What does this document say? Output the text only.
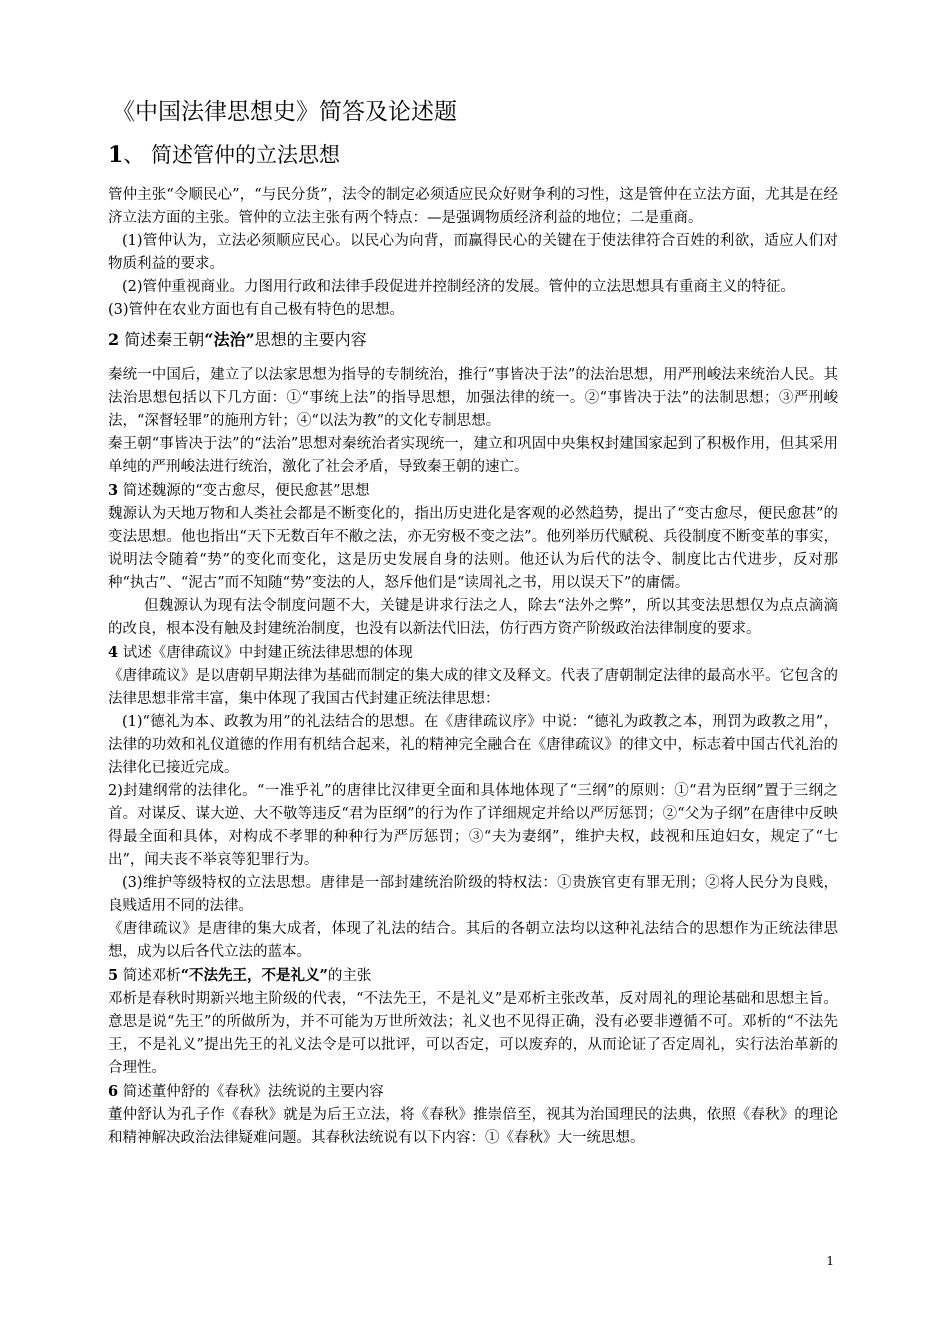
《中国法律思想史》简答及论述题
1、 简述管仲的立法思想

管仲主张“令顺民心”，“与民分货”，法令的制定必须适应民众好财争利的习性，这是管仲在立法方面，尤其是在经济立法方面的主张。管仲的立法主张有两个特点：—是强调物质经济利益的地位；二是重商。

(1)管仲认为，立法必须顺应民心。以民心为向背，而赢得民心的关键在于使法律符合百姓的利欲，适应人们对物质利益的要求。

(2)管仲重视商业。力图用行政和法律手段促进并控制经济的发展。管仲的立法思想具有重商主义的特征。

(3)管仲在农业方面也有自己极有特色的思想。

2 简述秦王朝“法治”思想的主要内容

秦统一中国后，建立了以法家思想为指导的专制统治，推行“事皆决于法”的法治思想，用严刑峻法来统治人民。其法治思想包括以下几方面：①“事统上法”的指导思想，加强法律的统一。②“事皆决于法”的法制思想；③严刑峻法，“深督轻罪”的施刑方针；④“以法为教”的文化专制思想。

秦王朝“事皆决于法”的“法治”思想对秦统治者实现统一，建立和巩固中央集权封建国家起到了积极作用，但其采用单纯的严刑峻法进行统治，激化了社会矛盾，导致秦王朝的速亡。

3 简述魏源的“变古愈尽，便民愈甚”思想

魏源认为天地万物和人类社会都是不断变化的，指出历史进化是客观的必然趋势，提出了“变古愈尽，便民愈甚”的变法思想。他也指出“天下无数百年不敝之法，亦无穷极不变之法”。他列举历代赋税、兵役制度不断变革的事实，说明法令随着“势”的变化而变化，这是历史发展自身的法则。他还认为后代的法令、制度比古代进步，反对那种“执古”、“泥古”而不知随“势”变法的人，怒斥他们是“读周礼之书，用以误天下”的庸儒。

但魏源认为现有法令制度问题不大，关键是讲求行法之人，除去“法外之弊”，所以其变法思想仅为点点滴滴的改良，根本没有触及封建统治制度，也没有以新法代旧法，仿行西方资产阶级政治法律制度的要求。

4 试述《唐律疏议》中封建正统法律思想的体现

《唐律疏议》是以唐朝早期法律为基础而制定的集大成的律文及释文。代表了唐朝制定法律的最高水平。它包含的法律思想非常丰富，集中体现了我国古代封建正统法律思想：

(1)“德礼为本、政教为用”的礼法结合的思想。在《唐律疏议序》中说：“德礼为政教之本，刑罚为政教之用”，法律的功效和礼仪道德的作用有机结合起来，礼的精神完全融合在《唐律疏议》的律文中，标志着中国古代礼治的法律化已接近完成。

2)封建纲常的法律化。“一准乎礼”的唐律比汉律更全面和具体地体现了“三纲”的原则：①“君为臣纲”置于三纲之首。对谋反、谋大逆、大不敬等违反“君为臣纲”的行为作了详细规定并给以严厉惩罚；②“父为子纲”在唐律中反映得最全面和具体，对构成不孝罪的种种行为严厉惩罚；③“夫为妻纲”，维护夫权，歧视和压迫妇女，规定了“七出”，闻夫丧不举哀等犯罪行为。

(3)维护等级特权的立法思想。唐律是一部封建统治阶级的特权法：①贵族官吏有罪无刑；②将人民分为良贱，良贱适用不同的法律。

《唐律疏议》是唐律的集大成者，体现了礼法的结合。其后的各朝立法均以这种礼法结合的思想作为正统法律思想，成为以后各代立法的蓝本。

5 简述邓析“不法先王，不是礼义”的主张

邓析是春秋时期新兴地主阶级的代表，“不法先王，不是礼义”是邓析主张改革，反对周礼的理论基础和思想主旨。意思是说“先王”的所做所为，并不可能为万世所效法；礼义也不见得正确，没有必要非遵循不可。邓析的“不法先王，不是礼义”提出先王的礼义法令是可以批评，可以否定，可以废弃的，从而论证了否定周礼，实行法治革新的合理性。

6 简述董仲舒的《春秋》法统说的主要内容

董仲舒认为孔子作《春秋》就是为后王立法，将《春秋》推崇倍至，视其为治国理民的法典，依照《春秋》的理论和精神解决政治法律疑难问题。其春秋法统说有以下内容：①《春秋》大一统思想。

1
